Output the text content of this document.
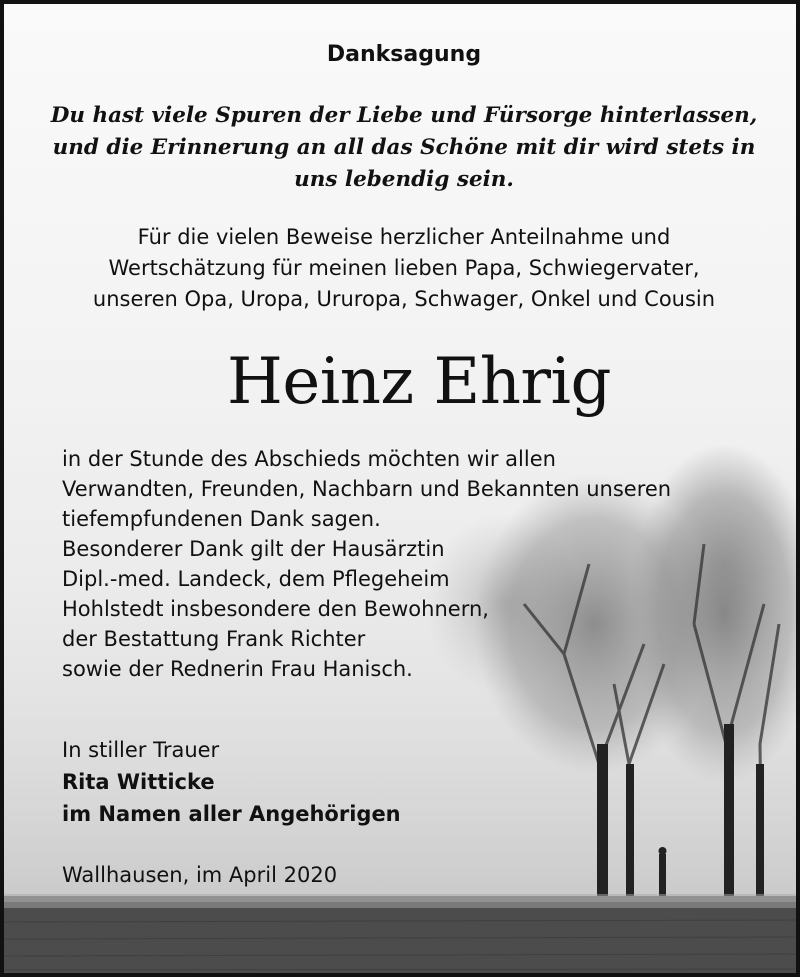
Danksagung
Du hast viele Spuren der Liebe und Fürsorge hinterlassen,
und die Erinnerung an all das Schöne mit dir wird stets in
uns lebendig sein.
Für die vielen Beweise herzlicher Anteilnahme und
Wertschätzung für meinen lieben Papa, Schwiegervater,
unseren Opa, Uropa, Ururopa, Schwager, Onkel und Cousin
Heinz Ehrig
in der Stunde des Abschieds möchten wir allen
Verwandten, Freunden, Nachbarn und Bekannten unseren
tiefempfundenen Dank sagen.
Besonderer Dank gilt der Hausärztin
Dipl.-med. Landeck, dem Pflegeheim
Hohlstedt insbesondere den Bewohnern,
der Bestattung Frank Richter
sowie der Rednerin Frau Hanisch.
In stiller Trauer
Rita Witticke
im Namen aller Angehörigen
Wallhausen, im April 2020
